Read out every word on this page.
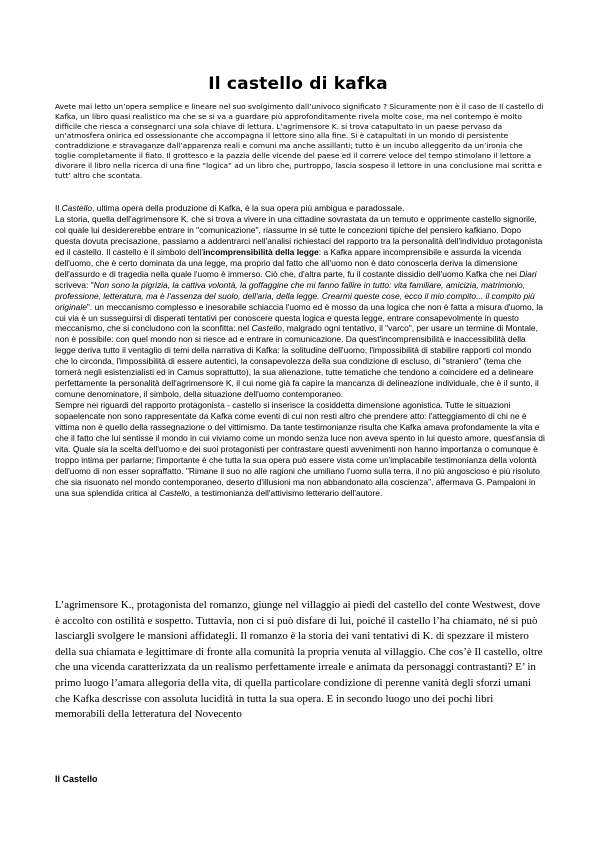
Il castello di kafka

Avete mai letto un’opera semplice e lineare nel suo svolgimento dall’univoco significato ? Sicuramente non è il caso de Il castello di Kafka, un libro quasi realistico ma che se si va a guardare più approfonditamente rivela molte cose, ma nel contempo è molto difficile che riesca a consegnarci una sola chiave di lettura. L’agrimensore K. si trova catapultato in un paese pervaso da un’atmosfera onirica ed ossessionante che accompagna il lettore sino alla fine. Si è catapultati in un mondo di persistente contraddizione e stravaganze dall’apparenza reali e comuni ma anche assillanti; tutto è un incubo alleggerito da un’ironia che toglie completamente il fiato. Il grottesco e la pazzia delle vicende del paese ed il correre veloce del tempo stimolano il lettore a divorare il libro nella ricerca di una fine “logica” ad un libro che, purtroppo, lascia sospeso il lettore in una conclusione mai scritta e tutt’ altro che scontata.

Il Castello, ultima opera della produzione di Kafka, è la sua opera più ambigua e paradossale.

La storia, quella dell'agrimensore K. che si trova a vivere in una cittadine sovrastata da un temuto e opprimente castello signorile, col quale lui desidererebbe entrare in "comunicazione", riassume in sé tutte le concezioni tipiche del pensiero kafkiano. Dopo questa dovuta precisazione, passiamo a addentrarci nell'analisi richiestaci del rapporto tra la personalità dell'individuo protagonista ed il castello. Il castello è il simbolo dell'incomprensibilità della legge: a Kafka appare incomprensibile e assurda la vicenda dell'uomo, che è certo dominata da una legge, ma proprio dal fatto che all'uomo non è dato conoscerla deriva la dimensione dell'assurdo e di tragedia nella quale l'uomo è immerso. Ciò che, d'altra parte, fu il costante dissidio dell'uomo Kafka che nei Diari scriveva: "Non sono la pigrizia, la cattiva volontà, la goffaggine che mi fanno fallire in tutto: vita familiare, amicizia, matrimonio, professione, letteratura, ma è l'assenza del suolo, dell'aria, della legge. Crearmi queste cose, ecco il mio compito... il compito più originale". un meccanismo complesso e inesorabile schiaccia l'uomo ed è mosso da una logica che non è fatta a misura d'uomo, la cui via è un susseguirsi di disperati tentativi per conoscere questa logica e questa legge, entrare consapevolmente in questo meccanismo, che si concludono con la sconfitta: nel Castello, malgrado ogni tentativo, il "varco", per usare un termine di Montale, non è possibile: con quel mondo non si riesce ad e entrare in comunicazione. Da quest'incomprensibilità e inaccessibilità della legge deriva tutto il ventaglio di temi della narrativa di Kafka: la solitudine dell'uomo, l'impossibilità di stabilire rapporti col mondo che lo circonda, l'impossibilità di essere autentici, la consapevolezza della sua condizione di escluso, di "straniero" (tema che tornerà negli esistenzialisti ed in Camus soprattutto), la sua alienazione, tutte tematiche che tendono a coincidere ed a delineare perfettamente la personalità dell'agrimensore K, il cui nome già fa capire la mancanza di delineazione individuale, che è il sunto, il comune denominatore, il simbolo, della situazione dell'uomo contemporaneo.

Sempre nei riguardi del rapporto protagonista - castello si inserisce la cosiddetta dimensione agonistica. Tutte le situazioni sopaelencate non sono rappresentate da Kafka come eventi di cui non resti altro che prendere atto: l'atteggiamento di chi ne è vittima non è quello della rassegnazione o del vittimismo. Da tante testimonianze risulta che Kafka amava profondamente la vita e che il fatto che lui sentisse il mondo in cui viviamo come un mondo senza luce non aveva spento in lui questo amore, quest'ansia di vita. Quale sia la scelta dell'uomo e dei suoi protagonisti per contrastare questi avvenimenti non hanno importanza o comunque è troppo intima per parlarne; l'importante è che tutta la sua opera può essere vista come un'implacabile testimonianza della volontà dell'uomo di non esser sopraffatto. "Rimane il suo no alle ragioni che umiliano l'uomo sulla terra, il no più angoscioso e più risoluto che sia risuonato nel mondo contemporaneo, deserto d'illusioni ma non abbandonato alla coscienza", affermava G. Pampaloni in una sua splendida critica al Castello, a testimonianza dell'attivismo letterario dell'autore.

L’agrimensore K., protagonista del romanzo, giunge nel villaggio ai piedi del castello del conte Westwest, dove è accolto con ostilità e sospetto. Tuttavia, non ci si può disfare di lui, poiché il castello l’ha chiamato, né si può lasciargli svolgere le mansioni affidategli. Il romanzo è la storia dei vani tentativi di K. di spezzare il mistero della sua chiamata e legittimare di fronte alla comunità la propria venuta al villaggio. Che cos’è Il castello, oltre che una vicenda caratterizzata da un realismo perfettamente irreale e animata da personaggi contrastanti? E’ in primo luogo l’amara allegoria della vita, di quella particolare condizione di perenne vanità degli sforzi umani che Kafka descrisse con assoluta lucidità in tutta la sua opera. E in secondo luogo uno dei pochi libri memorabili della letteratura del Novecento

Il Castello
